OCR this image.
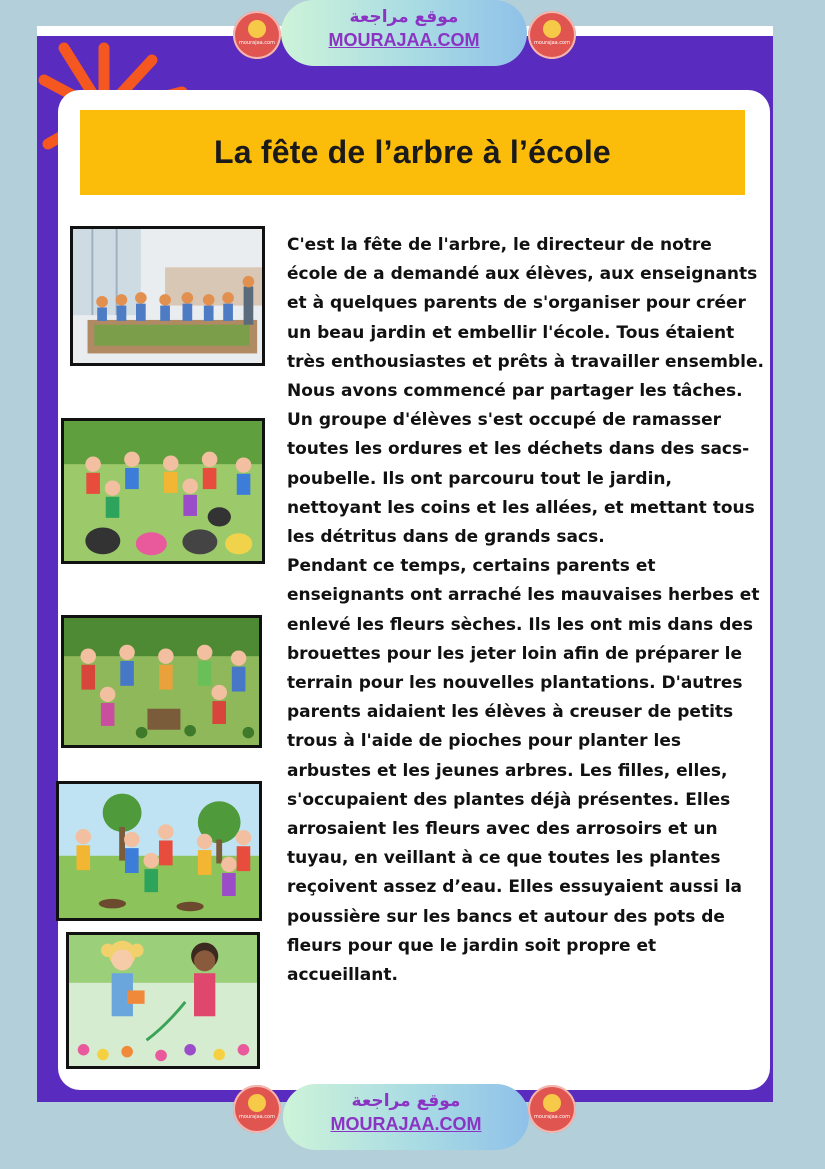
La fête de l’arbre à l’école

C'est la fête de l'arbre, le directeur de notre école de a demandé aux élèves, aux enseignants et à quelques parents de s'organiser pour créer un beau jardin et embellir l'école. Tous étaient très enthousiastes et prêts à travailler ensemble.

Nous avons commencé par partager les tâches. Un groupe d'élèves s'est occupé de ramasser toutes les ordures et les déchets dans des sacs-poubelle. Ils ont parcouru tout le jardin, nettoyant les coins et les allées, et mettant tous les détritus dans de grands sacs.

Pendant ce temps, certains parents et enseignants ont arraché les mauvaises herbes et enlevé les fleurs sèches. Ils les ont mis dans des brouettes pour les jeter loin afin de préparer le terrain pour les nouvelles plantations. D'autres parents aidaient les élèves à creuser de petits trous à l'aide de pioches pour planter les arbustes et les jeunes arbres. Les filles, elles, s'occupaient des plantes déjà présentes. Elles arrosaient les fleurs avec des arrosoirs et un tuyau, en veillant à ce que toutes les plantes reçoivent assez d’eau. Elles essuyaient aussi la poussière sur les bancs et autour des pots de fleurs pour que le jardin soit propre et accueillant.

mourajaa.com
موقع مراجعة
MOURAJAA.COM	mourajaa.com
mourajaa.com
موقع مراجعة
MOURAJAA.COM	mourajaa.com
